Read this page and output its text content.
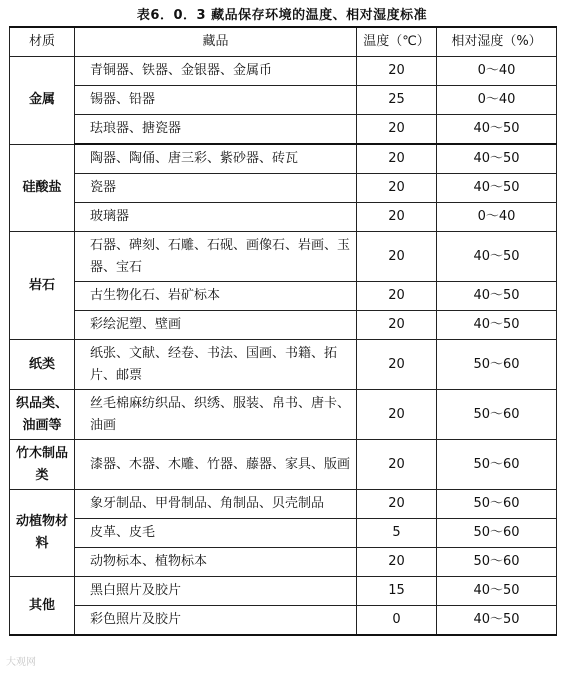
表6．0．3 藏品保存环境的温度、相对湿度标准
材质	藏品	温度（℃）	相对湿度（%）
金属	青铜器、铁器、金银器、金属币	20	0～40
	锡器、铅器	25	0～40
	珐琅器、搪瓷器	20	40～50
硅酸盐	陶器、陶俑、唐三彩、紫砂器、砖瓦	20	40～50
	瓷器	20	40～50
	玻璃器	20	0～40
岩石	石器、碑刻、石雕、石砚、画像石、岩画、玉器、宝石	20	40～50
	古生物化石、岩矿标本	20	40～50
	彩绘泥塑、壁画	20	40～50
纸类	纸张、文献、经卷、书法、国画、书籍、拓片、邮票	20	50～60
织品类、油画等	丝毛棉麻纺织品、织绣、服装、帛书、唐卡、油画	20	50～60
竹木制品类	漆器、木器、木雕、竹器、藤器、家具、版画	20	50～60
动植物材料	象牙制品、甲骨制品、角制品、贝壳制品	20	50～60
	皮革、皮毛	5	50～60
	动物标本、植物标本	20	50～60
其他	黑白照片及胶片	15	40～50
	彩色照片及胶片	0	40～50
大观网
